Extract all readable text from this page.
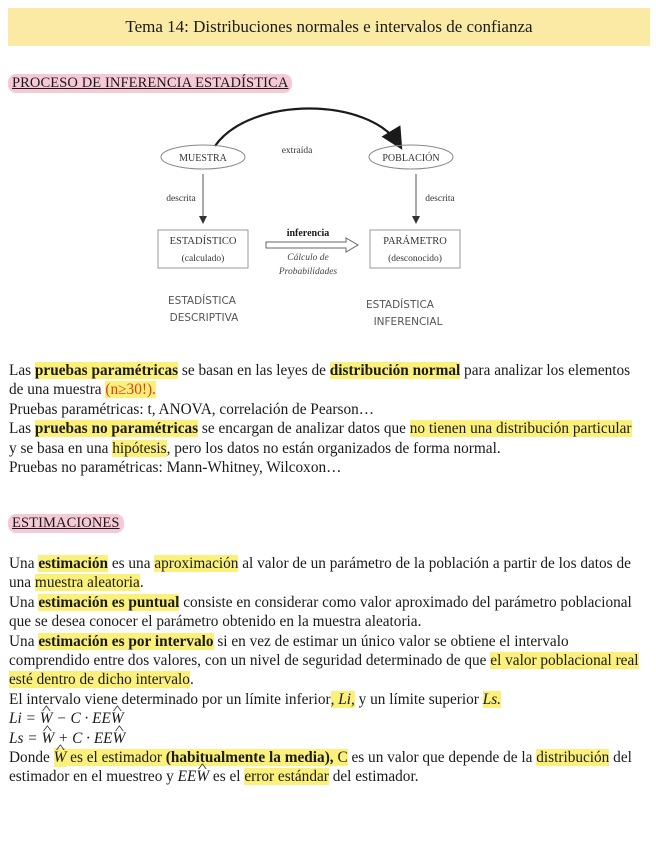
Tema 14: Distribuciones normales e intervalos de confianza
PROCESO DE INFERENCIA ESTADÍSTICA
MUESTRA	POBLACIÓN
extraída
descrita	descrita
ESTADÍSTICO
(calculado)
PARÁMETRO
(desconocido)
inferencia
Cálculo de
Probabilidades
ESTADÍSTICA
DESCRIPTIVA
ESTADÍSTICA
INFERENCIAL

Las pruebas paramétricas se basan en las leyes de distribución normal para analizar los elementos de una muestra (n≥30!).
Pruebas paramétricas: t, ANOVA, correlación de Pearson…
Las pruebas no paramétricas se encargan de analizar datos que no tienen una distribución particular y se basa en una hipótesis, pero los datos no están organizados de forma normal.
Pruebas no paramétricas: Mann-Whitney, Wilcoxon…

ESTIMACIONES

Una estimación es una aproximación al valor de un parámetro de la población a partir de los datos de una muestra aleatoria.
Una estimación es puntual consiste en considerar como valor aproximado del parámetro poblacional que se desea conocer el parámetro obtenido en la muestra aleatoria.
Una estimación es por intervalo si en vez de estimar un único valor se obtiene el intervalo comprendido entre dos valores, con un nivel de seguridad determinado de que el valor poblacional real esté dentro de dicho intervalo.
El intervalo viene determinado por un límite inferior, Li, y un límite superior Ls.

Li = ^ W − C · EE^ W
Ls = ^ W + C · EE^ W
Donde ^ W es el estimador (habitualmente la media), C es un valor que depende de la distribución del estimador en el muestreo y EE^ W es el error estándar del estimador.
